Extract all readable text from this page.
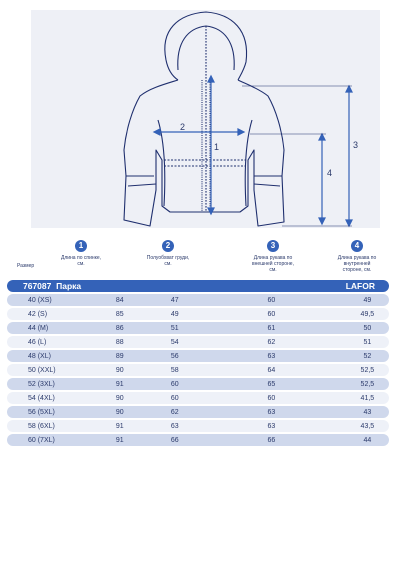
1
2
3
4
Размер
1
Длина по спинке, см.
2
Полуобхват груди, см.
3
Длина рукава по внешней стороне, см.
4
Длина рукава по внутренней стороне, см.
767087 Парка				LAFOR
40 (XS)	84	47	60	49
42 (S)	85	49	60	49,5
44 (M)	86	51	61	50
46 (L)	88	54	62	51
48 (XL)	89	56	63	52
50 (XXL)	90	58	64	52,5
52 (3XL)	91	60	65	52,5
54 (4XL)	90	60	60	41,5
56 (5XL)	90	62	63	43
58 (6XL)	91	63	63	43,5
60 (7XL)	91	66	66	44
